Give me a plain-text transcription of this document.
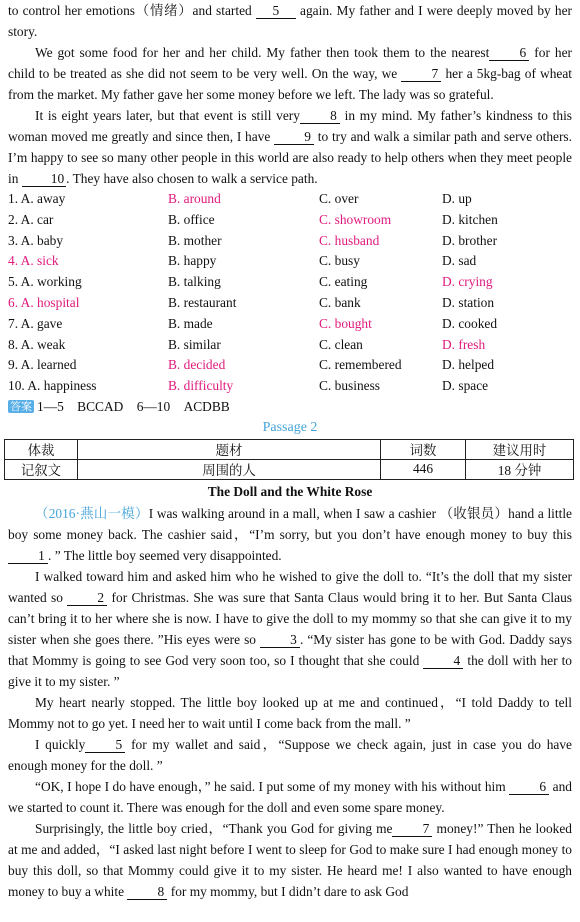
to control her emotions（情绪）and started 5 again. My father and I were deeply moved by her story.

We got some food for her and her child. My father then took them to the nearest 6 for her child to be treated as she did not seem to be very well. On the way, we 7 her a 5kg-bag of wheat from the market. My father gave her some money before we left. The lady was so grateful.

It is eight years later, but that event is still very 8 in my mind. My father’s kindness to this woman moved me greatly and since then, I have 9 to try and walk a similar path and serve others. I’m happy to see so many other people in this world are also ready to help others when they meet people in 10 . They have also chosen to walk a service path.

1. A. away	B. around	C. over	D. up
2. A. car	B. office	C. showroom	D. kitchen
3. A. baby	B. mother	C. husband	D. brother
4. A. sick	B. happy	C. busy	D. sad
5. A. working	B. talking	C. eating	D. crying
6. A. hospital	B. restaurant	C. bank	D. station
7. A. gave	B. made	C. bought	D. cooked
8. A. weak	B. similar	C. clean	D. fresh
9. A. learned	B. decided	C. remembered	D. helped
10. A. happiness	B. difficulty	C. business	D. space
答案 1—5　BCCAD　6—10　ACDBB
Passage 2
体裁	题材	词数	建议用时
记叙文	周围的人	446	18 分钟
The Doll and the White Rose

（2016·燕山一模）I was walking around in a mall, when I saw a cashier （收银员）hand a little boy some money back. The cashier said，“I’m sorry, but you don’t have enough money to buy this 1 . ” The little boy seemed very disappointed.

I walked toward him and asked him who he wished to give the doll to. “It’s the doll that my sister wanted so 2 for Christmas. She was sure that Santa Claus would bring it to her. But Santa Claus can’t bring it to her where she is now. I have to give the doll to my mommy so that she can give it to my sister when she goes there. ”His eyes were so 3 . “My sister has gone to be with God. Daddy says that Mommy is going to see God very soon too, so I thought that she could 4 the doll with her to give it to my sister. ”

My heart nearly stopped. The little boy looked up at me and continued，“I told Daddy to tell Mommy not to go yet. I need her to wait until I come back from the mall. ”

I quickly 5 for my wallet and said，“Suppose we check again, just in case you do have enough money for the doll. ”

“OK, I hope I do have enough，” he said. I put some of my money with his without him 6 and we started to count it. There was enough for the doll and even some spare money.

Surprisingly, the little boy cried，“Thank you God for giving me 7 money!” Then he looked at me and added，“I asked last night before I went to sleep for God to make sure I had enough money to buy this doll, so that Mommy could give it to my sister. He heard me! I also wanted to have enough money to buy a white 8 for my mommy, but I didn’t dare to ask God
